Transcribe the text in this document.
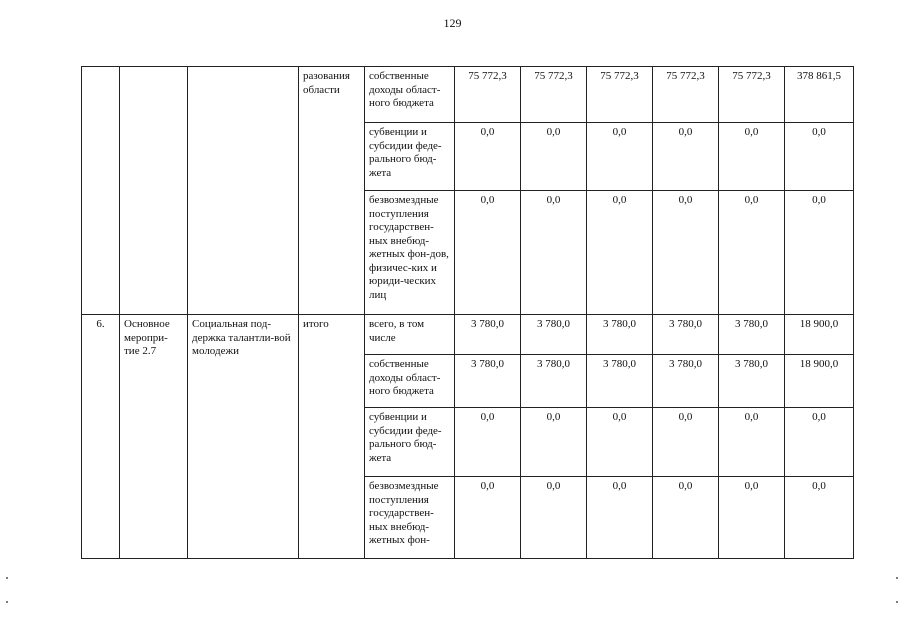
129
			разования области	собственные доходы област-ного бюджета	75 772,3	75 772,3	75 772,3	75 772,3	75 772,3	378 861,5
				субвенции и субсидии феде-рального бюд-жета	0,0	0,0	0,0	0,0	0,0	0,0
				безвозмездные поступления государствен-ных внебюд-жетных фон-дов, физичес-ких и юриди-ческих лиц	0,0	0,0	0,0	0,0	0,0	0,0
6.	Основное меропри-тие 2.7	Социальная под-держка талантли-вой молодежи	итого	всего, в том числе	3 780,0	3 780,0	3 780,0	3 780,0	3 780,0	18 900,0
				собственные доходы област-ного бюджета	3 780,0	3 780,0	3 780,0	3 780,0	3 780,0	18 900,0
				субвенции и субсидии феде-рального бюд-жета	0,0	0,0	0,0	0,0	0,0	0,0
				безвозмездные поступления государствен-ных внебюд-жетных фон-	0,0	0,0	0,0	0,0	0,0	0,0
